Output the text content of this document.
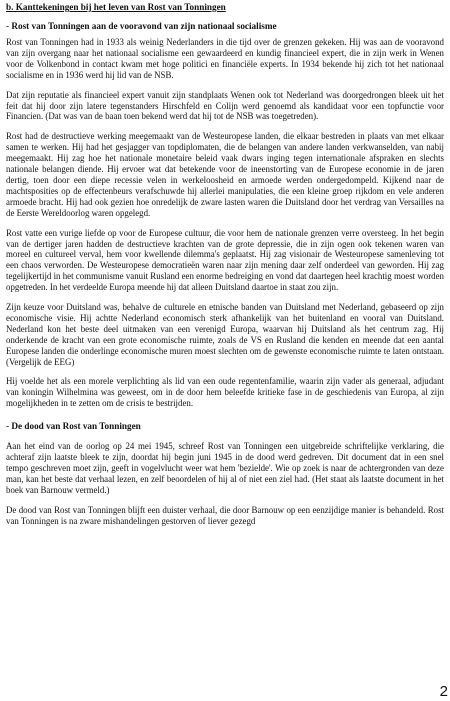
b. Kanttekeningen bij het leven van Rost van Tonningen

- Rost van Tonningen aan de vooravond van zijn nationaal socialisme

Rost van Tonningen had in 1933 als weinig Nederlanders in die tijd over de grenzen gekeken. Hij was aan de vooravond van zijn overgang naar het nationaal socialisme een gewaardeerd en kundig financieel expert, die in zijn werk in Wenen voor de Volkenbond in contact kwam met hoge politici en financiële experts. In 1934 bekende hij zich tot het nationaal socialisme en in 1936 werd hij lid van de NSB.

Dat zijn reputatie als financieel expert vanuit zijn standplaats Wenen ook tot Nederland was doorgedrongen bleek uit het feit dat hij door zijn latere tegenstanders Hirschfeld en Colijn werd genoemd als kandidaat voor een topfunctie voor Financien. (Dat was van de baan toen bekend werd dat hij tot de NSB was toegetreden).

Rost had de destructieve werking meegemaakt van de Westeuropese landen, die elkaar bestreden in plaats van met elkaar samen te werken. Hij had het gesjagger van topdiplomaten, die de belangen van andere landen verkwanselden, van nabij meegemaakt. Hij zag hoe het nationale monetaire beleid vaak dwars inging tegen internationale afspraken en slechts nationale belangen diende. Hij ervoer wat dat betekende voor de ineenstorting van de Europese economie in de jaren dertig, toen door een diepe recessie velen in werkeloosheid en armoede werden ondergedompeld. Kijkend naar de machtsposities op de effectenbeurs verafschuwde hij allerlei manipulaties, die een kleine groep rijkdom en vele anderen armoede bracht. Hij had ook gezien hoe onredelijk de zware lasten waren die Duitsland door het verdrag van Versailles na de Eerste Wereldoorlog waren opgelegd.

Rost vatte een vurige liefde op voor de Europese cultuur, die voor hem de nationale grenzen verre oversteeg. In het begin van de dertiger jaren hadden de destructieve krachten van de grote depressie, die in zijn ogen ook tekenen waren van moreel en cultureel verval, hem voor kwellende dilemma's geplaatst. Hij zag visionair de Westeuropese samenleving tot een chaos verworden. De Westeuropese democratieën waren naar zijn mening daar zelf onderdeel van geworden. Hij zag tegelijkertijd in het communisme vanuit Rusland een enorme bedreiging en vond dat daartegen heel krachtig moest worden opgetreden. In het verdeelde Europa meende hij dat alleen Duitsland daartoe in staat zou zijn.

Zijn keuze voor Duitsland was, behalve de culturele en etnische banden van Duitsland met Nederland, gebaseerd op zijn economische visie. Hij achtte Nederland economisch sterk afhankelijk van het buitenland en vooral van Duitsland. Nederland kon het beste deel uitmaken van een verenigd Europa, waarvan hij Duitsland als het centrum zag. Hij onderkende de kracht van een grote economische ruimte, zoals de VS en Rusland die kenden en meende dat een aantal Europese landen die onderlinge economische muren moest slechten om de gewenste economische ruimte te laten ontstaan. (Vergelijk de EEG)

Hij voelde het als een morele verplichting als lid van een oude regentenfamilie, waarin zijn vader als generaal, adjudant van koningin Wilhelmina was geweest, om in de door hem beleefde kritieke fase in de geschiedenis van Europa, al zijn mogelijkheden in te zetten om de crisis te bestrijden.

- De dood van Rost van Tonningen

Aan het eind van de oorlog op 24 mei 1945, schreef Rost van Tonningen een uitgebreide schriftelijke verklaring, die achteraf zijn laatste bleek te zijn, doordat hij begin juni 1945 in de dood werd gedreven. Dit document dat in een snel tempo geschreven moet zijn, geeft in vogelvlucht weer wat hem 'bezielde'. Wie op zoek is naar de achtergronden van deze man, kan het beste dat verhaal lezen, en zelf beoordelen of hij al of niet een ziel had. (Het staat als laatste document in het boek van Barnouw vermeld.)

De dood van Rost van Tonningen blijft een duister verhaal, die door Barnouw op een eenzijdige manier is behandeld. Rost van Tonningen is na zware mishandelingen gestorven of liever gezegd

2
